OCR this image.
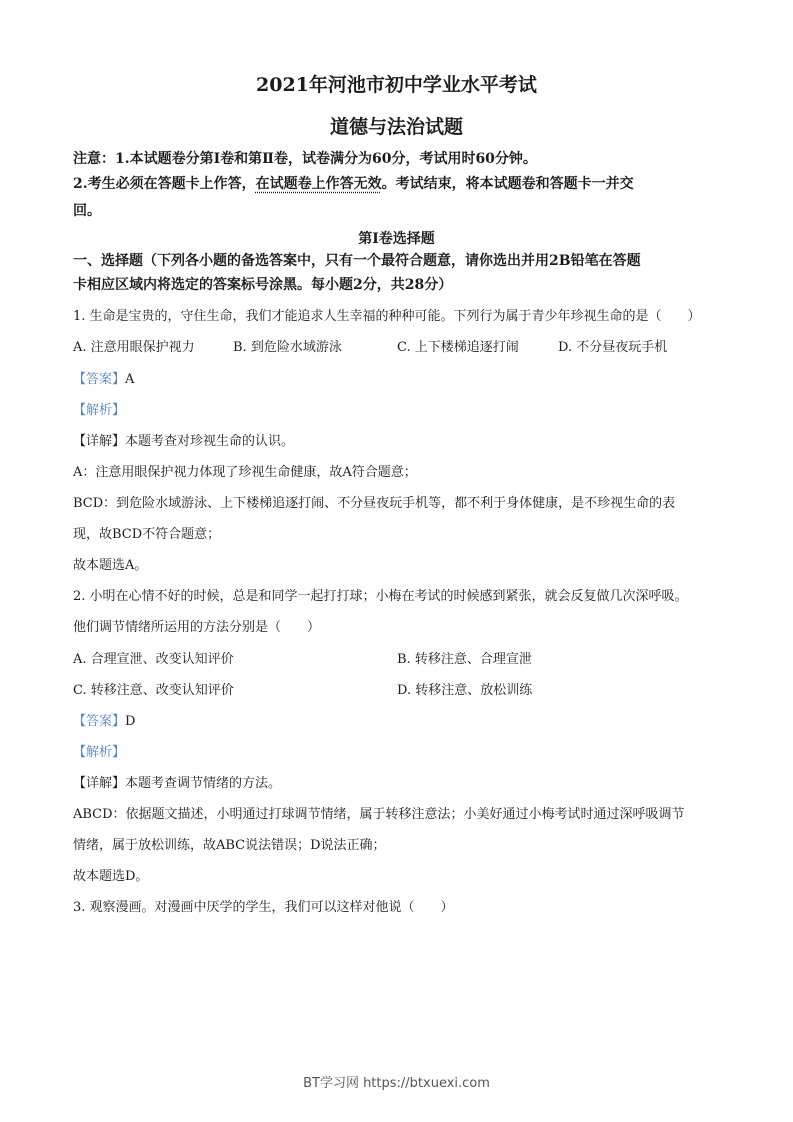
2021年河池市初中学业水平考试
道德与法治试题
注意：1.本试题卷分第Ⅰ卷和第Ⅱ卷，试卷满分为60分，考试用时60分钟。
2.考生必须在答题卡上作答，在试题卷上作答无效。考试结束，将本试题卷和答题卡一并交
回。
第Ⅰ卷选择题
一、选择题（下列各小题的备选答案中，只有一个最符合题意，请你选出并用2B铅笔在答题
卡相应区域内将选定的答案标号涂黑。每小题2分，共28分）
1. 生命是宝贵的，守住生命，我们才能追求人生幸福的种种可能。下列行为属于青少年珍视生命的是（　　）
A. 注意用眼保护视力	B. 到危险水域游泳	C. 上下楼梯追逐打闹	D. 不分昼夜玩手机
【答案】A
【解析】
【详解】本题考查对珍视生命的认识。
A：注意用眼保护视力体现了珍视生命健康，故A符合题意；
BCD：到危险水域游泳、上下楼梯追逐打闹、不分昼夜玩手机等，都不利于身体健康，是不珍视生命的表
现，故BCD不符合题意；
故本题选A。
2. 小明在心情不好的时候，总是和同学一起打打球；小梅在考试的时候感到紧张，就会反复做几次深呼吸。
他们调节情绪所运用的方法分别是（　　）
A. 合理宣泄、改变认知评价	B. 转移注意、合理宣泄
C. 转移注意、改变认知评价	D. 转移注意、放松训练
【答案】D
【解析】
【详解】本题考查调节情绪的方法。
ABCD：依据题文描述，小明通过打球调节情绪，属于转移注意法；小美好通过小梅考试时通过深呼吸调节
情绪，属于放松训练，故ABC说法错误；D说法正确；
故本题选D。
3. 观察漫画。对漫画中厌学的学生，我们可以这样对他说（　　）
BT学习网 https://btxuexi.com
